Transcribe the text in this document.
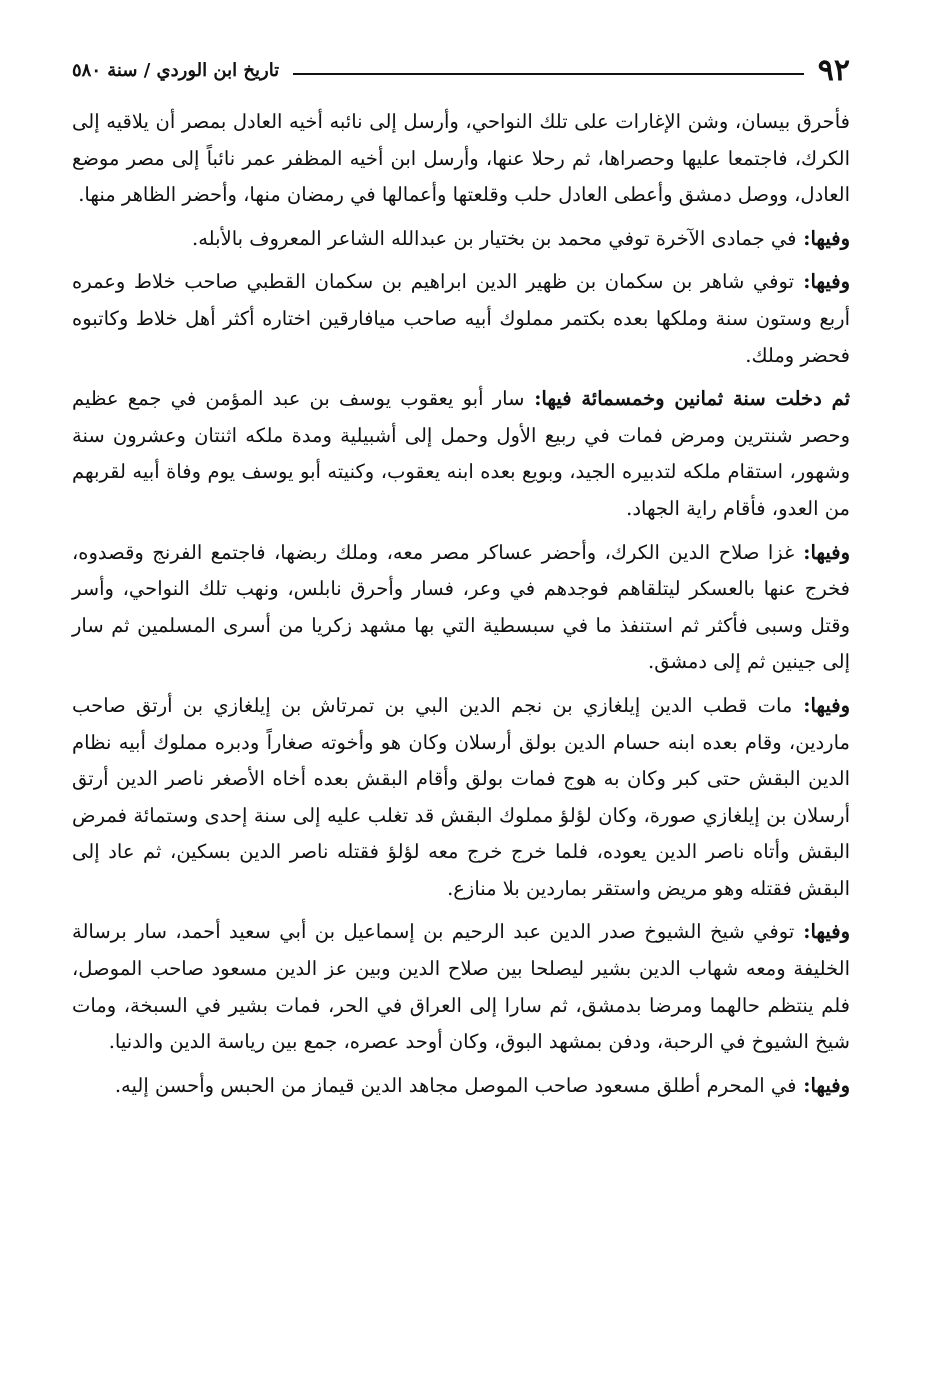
٩٢
تاريخ ابن الوردي / سنة ٥٨٠

فأحرق بيسان، وشن الإغارات على تلك النواحي، وأرسل إلى نائبه أخيه العادل بمصر أن يلاقيه إلى الكرك، فاجتمعا عليها وحصراها، ثم رحلا عنها، وأرسل ابن أخيه المظفر عمر نائباً إلى مصر موضع العادل، ووصل دمشق وأعطى العادل حلب وقلعتها وأعمالها في رمضان منها، وأحضر الظاهر منها.

وفيها: في جمادى الآخرة توفي محمد بن بختيار بن عبدالله الشاعر المعروف بالأبله.

وفيها: توفي شاهر بن سكمان بن ظهير الدين ابراهيم بن سكمان القطبي صاحب خلاط وعمره أربع وستون سنة وملكها بعده بكتمر مملوك أبيه صاحب ميافارقين اختاره أكثر أهل خلاط وكاتبوه فحضر وملك.

ثم دخلت سنة ثمانين وخمسمائة فيها: سار أبو يعقوب يوسف بن عبد المؤمن في جمع عظيم وحصر شنترين ومرض فمات في ربيع الأول وحمل إلى أشبيلية ومدة ملكه اثنتان وعشرون سنة وشهور، استقام ملكه لتدبيره الجيد، وبويع بعده ابنه يعقوب، وكنيته أبو يوسف يوم وفاة أبيه لقربهم من العدو، فأقام راية الجهاد.

وفيها: غزا صلاح الدين الكرك، وأحضر عساكر مصر معه، وملك ربضها، فاجتمع الفرنج وقصدوه، فخرج عنها بالعسكر ليتلقاهم فوجدهم في وعر، فسار وأحرق نابلس، ونهب تلك النواحي، وأسر وقتل وسبى فأكثر ثم استنفذ ما في سبسطية التي بها مشهد زكريا من أسرى المسلمين ثم سار إلى جينين ثم إلى دمشق.

وفيها: مات قطب الدين إيلغازي بن نجم الدين البي بن تمرتاش بن إيلغازي بن أرتق صاحب ماردين، وقام بعده ابنه حسام الدين بولق أرسلان وكان هو وأخوته صغاراً ودبره مملوك أبيه نظام الدين البقش حتى كبر وكان به هوج فمات بولق وأقام البقش بعده أخاه الأصغر ناصر الدين أرتق أرسلان بن إيلغازي صورة، وكان لؤلؤ مملوك البقش قد تغلب عليه إلى سنة إحدى وستمائة فمرض البقش وأتاه ناصر الدين يعوده، فلما خرج خرج معه لؤلؤ فقتله ناصر الدين بسكين، ثم عاد إلى البقش فقتله وهو مريض واستقر بماردين بلا منازع.

وفيها: توفي شيخ الشيوخ صدر الدين عبد الرحيم بن إسماعيل بن أبي سعيد أحمد، سار برسالة الخليفة ومعه شهاب الدين بشير ليصلحا بين صلاح الدين وبين عز الدين مسعود صاحب الموصل، فلم ينتظم حالهما ومرضا بدمشق، ثم سارا إلى العراق في الحر، فمات بشير في السبخة، ومات شيخ الشيوخ في الرحبة، ودفن بمشهد البوق، وكان أوحد عصره، جمع بين رياسة الدين والدنيا.

وفيها: في المحرم أطلق مسعود صاحب الموصل مجاهد الدين قيماز من الحبس وأحسن إليه.
